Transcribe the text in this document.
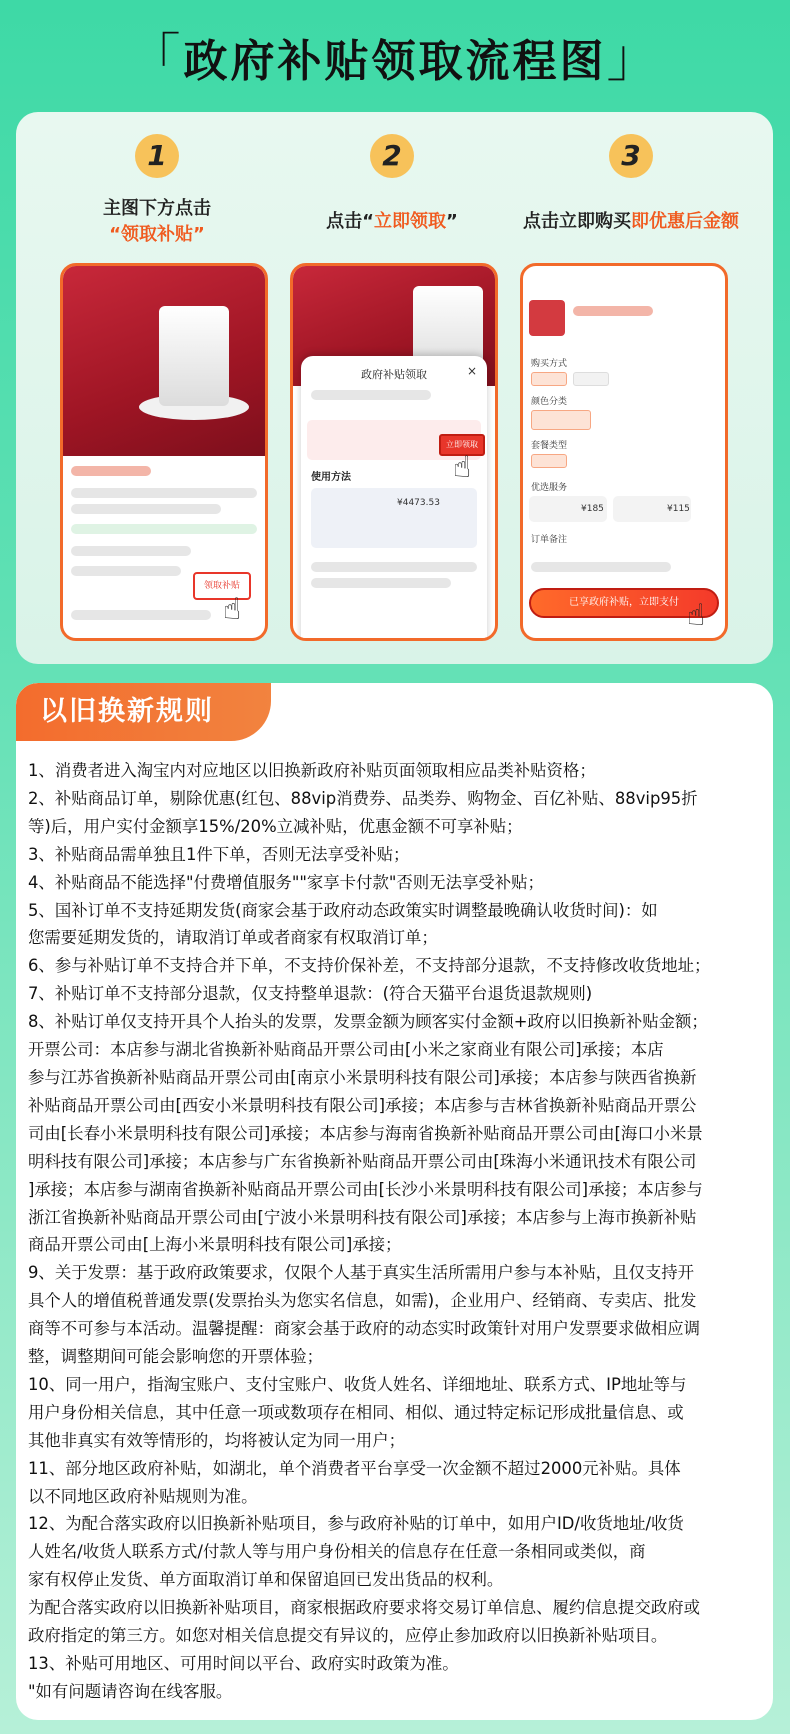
「政府补贴领取流程图」
1
主图下方点击
“领取补贴”
2
点击“立即领取”
3
点击立即购买即优惠后金额
领取补贴
☝
政府补贴领取	×
立即领取
使用方法
¥4473.53
☝
购买方式
颜色分类
套餐类型
优选服务
¥185	¥115
订单备注
已享政府补贴，立即支付 ☝
以旧换新规则
1、消费者进入淘宝内对应地区以旧换新政府补贴页面领取相应品类补贴资格；
2、补贴商品订单，剔除优惠(红包、88vip消费券、品类券、购物金、百亿补贴、88vip95折
等)后，用户实付金额享15%/20%立减补贴，优惠金额不可享补贴；
3、补贴商品需单独且1件下单，否则无法享受补贴；
4、补贴商品不能选择"付费增值服务""家享卡付款"否则无法享受补贴；
5、国补订单不支持延期发货(商家会基于政府动态政策实时调整最晚确认收货时间)：如
您需要延期发货的，请取消订单或者商家有权取消订单；
6、参与补贴订单不支持合并下单，不支持价保补差，不支持部分退款，不支持修改收货地址；
7、补贴订单不支持部分退款，仅支持整单退款：(符合天猫平台退货退款规则)
8、补贴订单仅支持开具个人抬头的发票，发票金额为顾客实付金额+政府以旧换新补贴金额；
开票公司：本店参与湖北省换新补贴商品开票公司由[小米之家商业有限公司]承接；本店
参与江苏省换新补贴商品开票公司由[南京小米景明科技有限公司]承接；本店参与陕西省换新
补贴商品开票公司由[西安小米景明科技有限公司]承接；本店参与吉林省换新补贴商品开票公
司由[长春小米景明科技有限公司]承接；本店参与海南省换新补贴商品开票公司由[海口小米景
明科技有限公司]承接；本店参与广东省换新补贴商品开票公司由[珠海小米通讯技术有限公司
]承接；本店参与湖南省换新补贴商品开票公司由[长沙小米景明科技有限公司]承接；本店参与
浙江省换新补贴商品开票公司由[宁波小米景明科技有限公司]承接；本店参与上海市换新补贴
商品开票公司由[上海小米景明科技有限公司]承接；
9、关于发票：基于政府政策要求，仅限个人基于真实生活所需用户参与本补贴，且仅支持开
具个人的增值税普通发票(发票抬头为您实名信息，如需)，企业用户、经销商、专卖店、批发
商等不可参与本活动。温馨提醒：商家会基于政府的动态实时政策针对用户发票要求做相应调
整，调整期间可能会影响您的开票体验；
10、同一用户，指淘宝账户、支付宝账户、收货人姓名、详细地址、联系方式、IP地址等与
用户身份相关信息，其中任意一项或数项存在相同、相似、通过特定标记形成批量信息、或
其他非真实有效等情形的，均将被认定为同一用户；
11、部分地区政府补贴，如湖北，单个消费者平台享受一次金额不超过2000元补贴。具体
以不同地区政府补贴规则为准。
12、为配合落实政府以旧换新补贴项目，参与政府补贴的订单中，如用户ID/收货地址/收货
人姓名/收货人联系方式/付款人等与用户身份相关的信息存在任意一条相同或类似，商
家有权停止发货、单方面取消订单和保留追回已发出货品的权利。
为配合落实政府以旧换新补贴项目，商家根据政府要求将交易订单信息、履约信息提交政府或
政府指定的第三方。如您对相关信息提交有异议的，应停止参加政府以旧换新补贴项目。
13、补贴可用地区、可用时间以平台、政府实时政策为准。
"如有问题请咨询在线客服。
